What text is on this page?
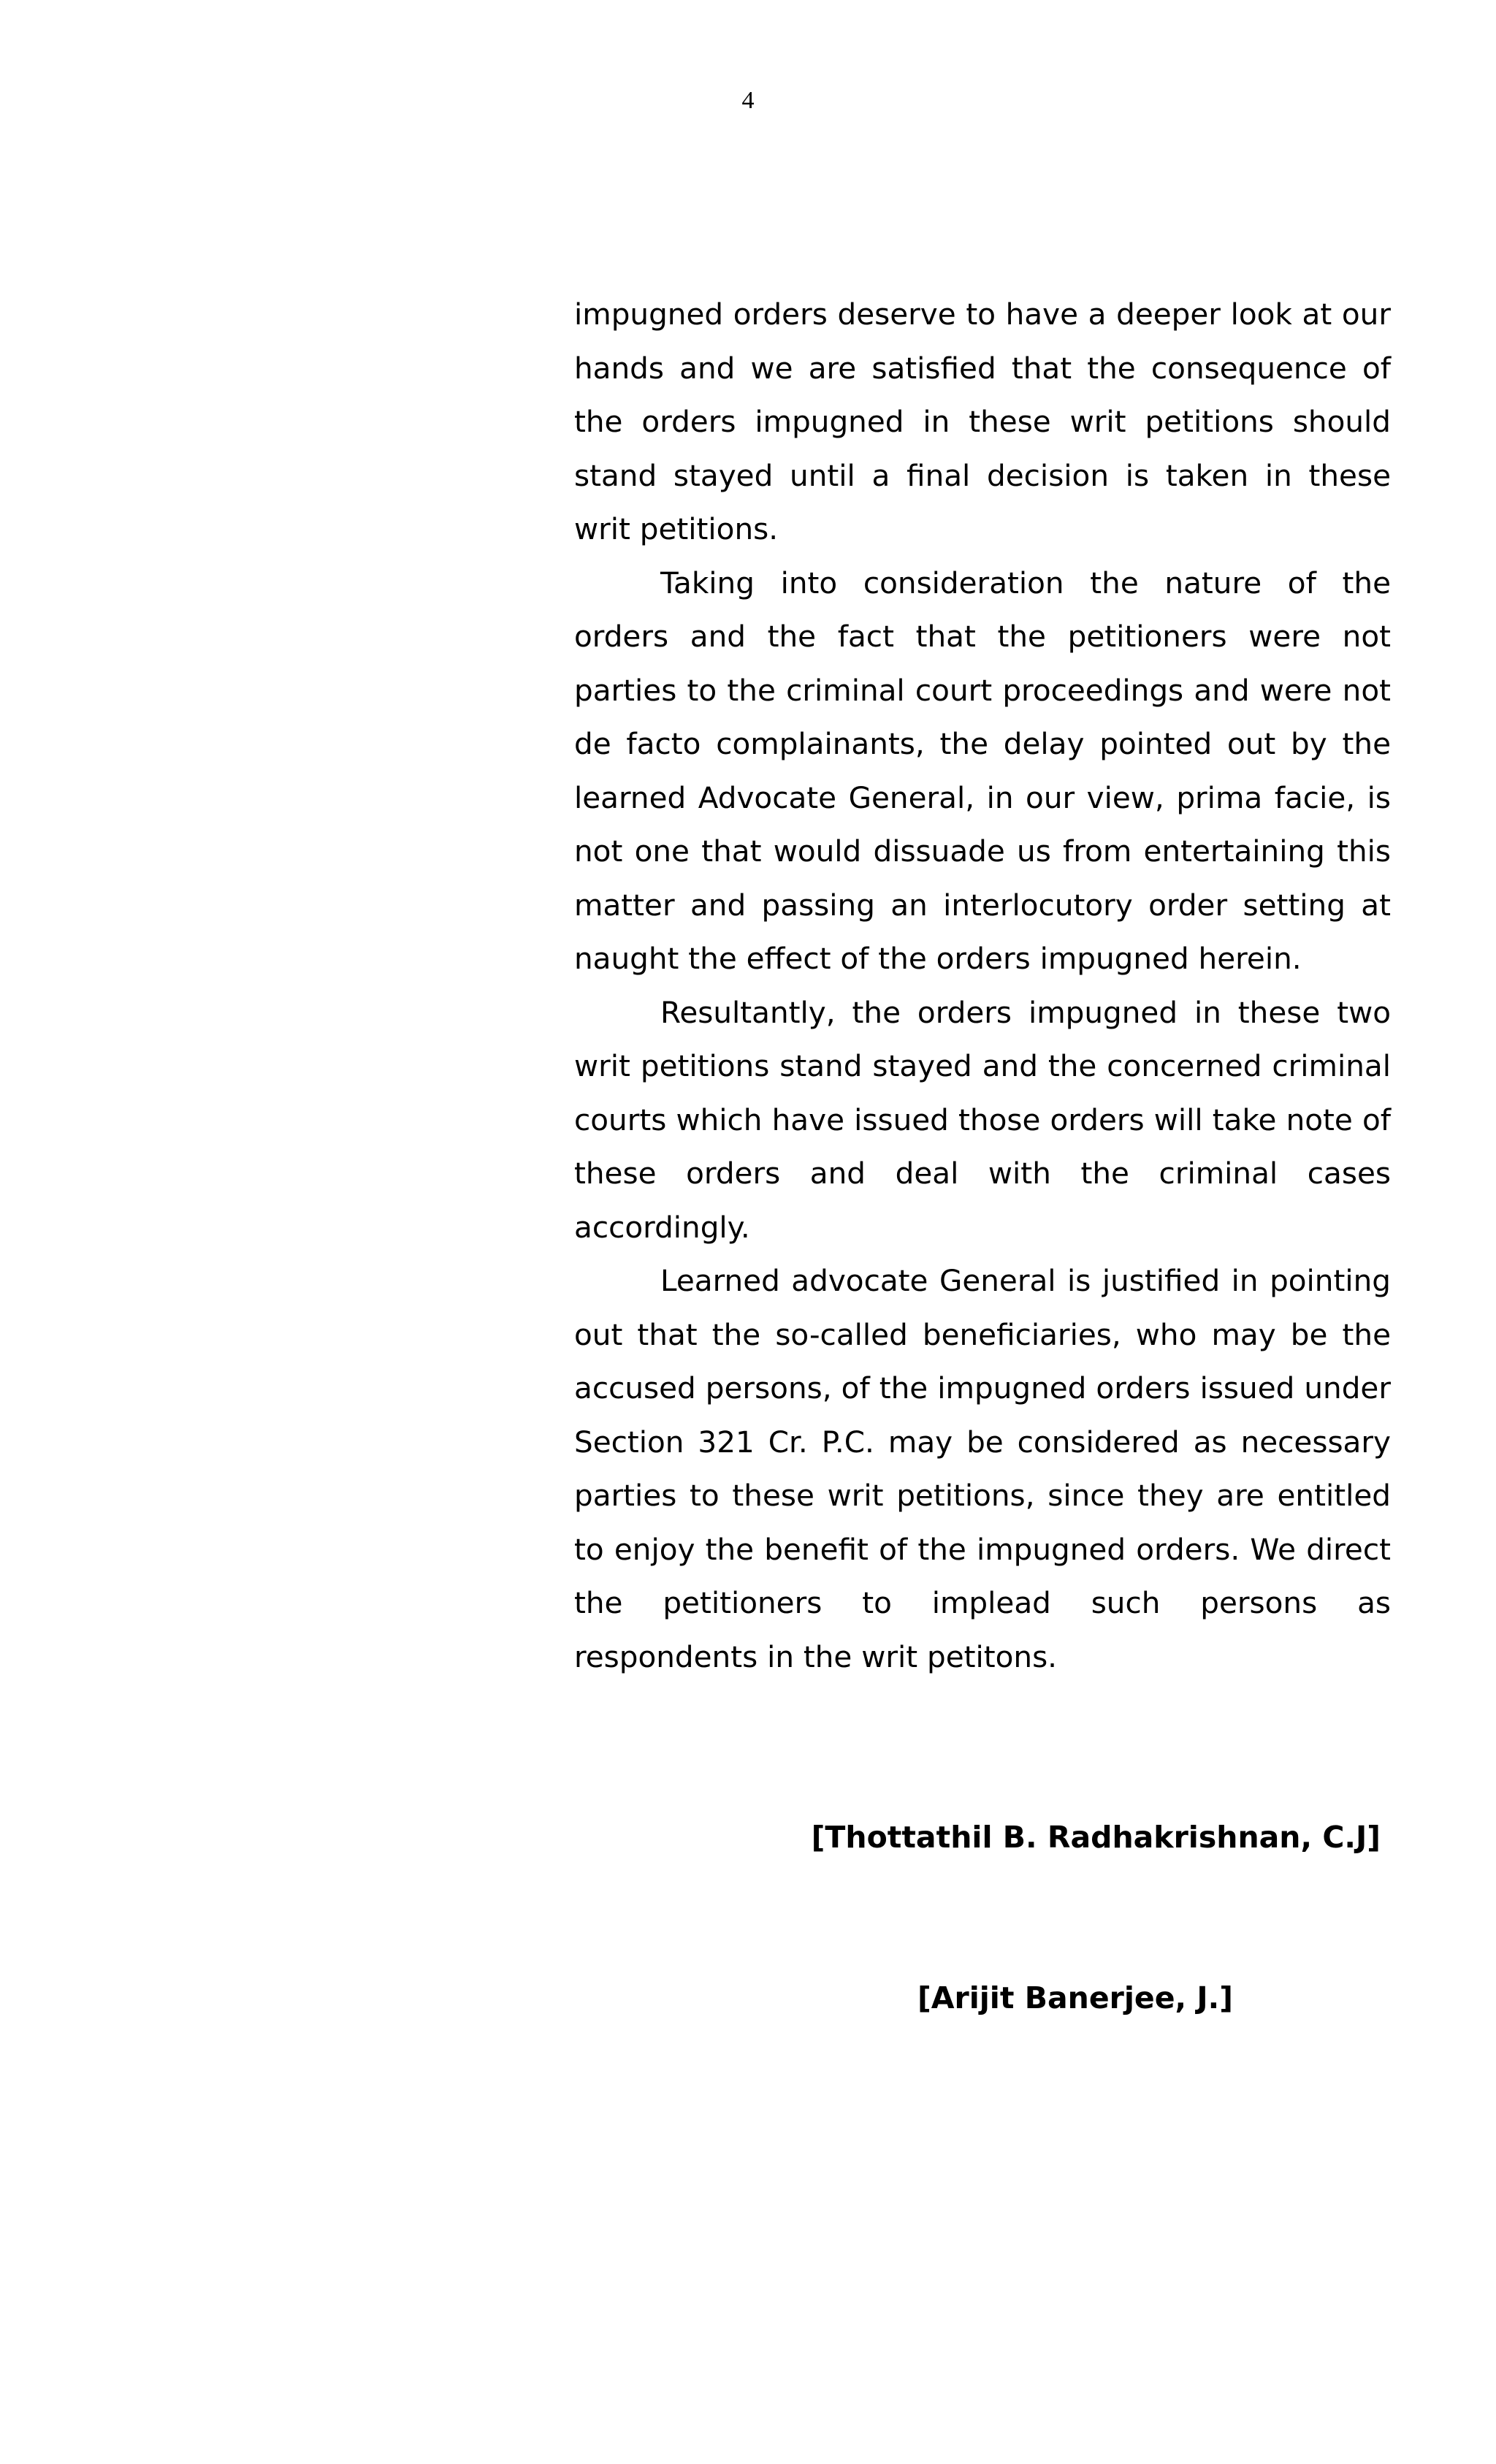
4

impugned orders deserve to have a deeper look at our hands and we are satisfied that the consequence of the orders impugned in these writ petitions should stand stayed until a final decision is taken in these writ petitions.

Taking into consideration the nature of the orders and the fact that the petitioners were not parties to the criminal court proceedings and were not de facto complainants, the delay pointed out by the learned Advocate General, in our view, prima facie, is not one that would dissuade us from entertaining this matter and passing an interlocutory order setting at naught the effect of the orders impugned herein.

Resultantly, the orders impugned in these two writ petitions stand stayed and the concerned criminal courts which have issued those orders will take note of these orders and deal with the criminal cases accordingly.

Learned advocate General is justified in pointing out that the so-called beneficiaries, who may be the accused persons, of the impugned orders issued under Section 321 Cr. P.C. may be considered as necessary parties to these writ petitions, since they are entitled to enjoy the benefit of the impugned orders. We direct the petitioners to implead such persons as respondents in the writ petitons.

[Thottathil B. Radhakrishnan, C.J]
[Arijit Banerjee, J.]
